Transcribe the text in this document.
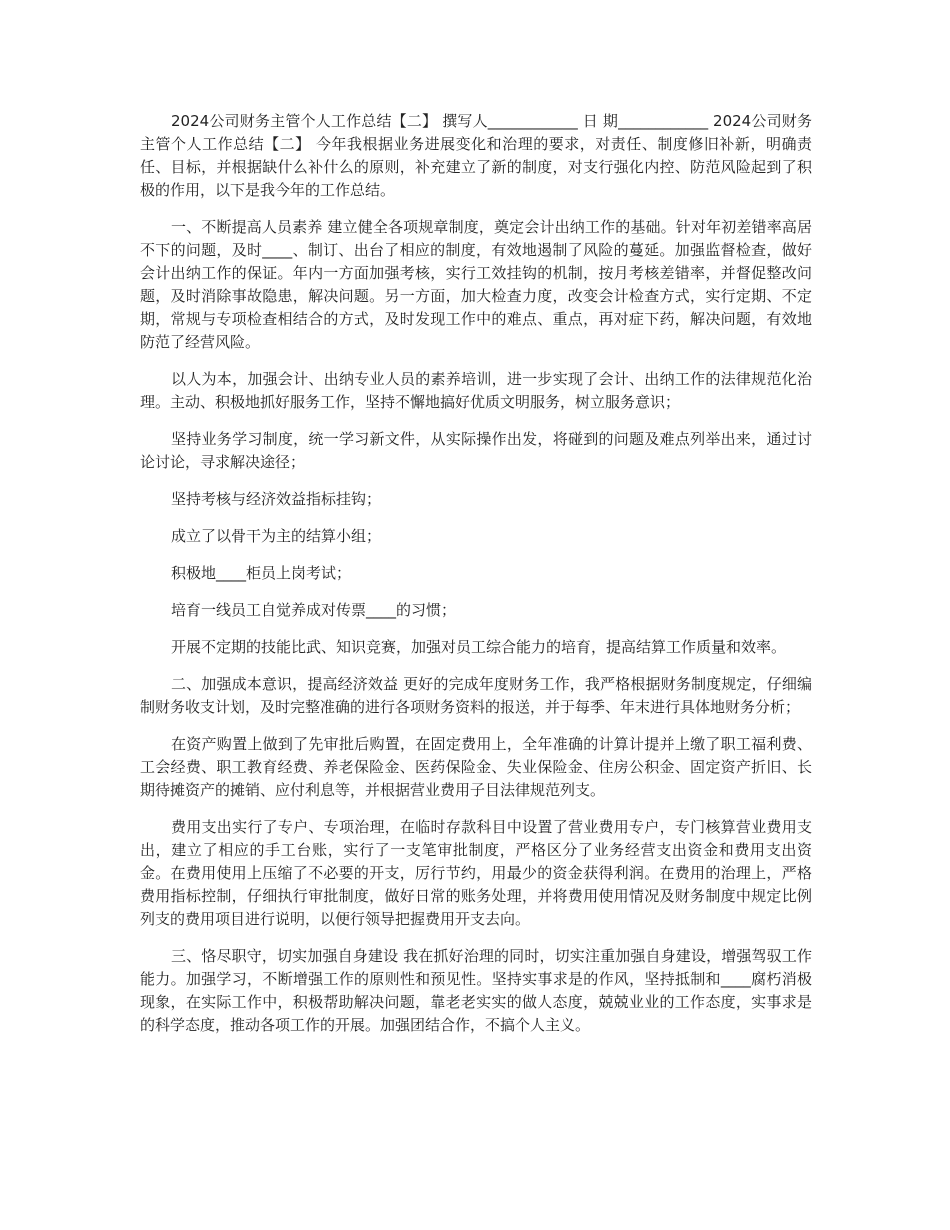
2024公司财务主管个人工作总结【二】 撰写人____________ 日 期____________ 2024公司财务主管个人工作总结【二】 今年我根据业务进展变化和治理的要求，对责任、制度修旧补新，明确责任、目标，并根据缺什么补什么的原则，补充建立了新的制度，对支行强化内控、防范风险起到了积极的作用，以下是我今年的工作总结。

一、不断提高人员素养 建立健全各项规章制度，奠定会计出纳工作的基础。针对年初差错率高居不下的问题，及时____、制订、出台了相应的制度，有效地遏制了风险的蔓延。加强监督检查，做好会计出纳工作的保证。年内一方面加强考核，实行工效挂钩的机制，按月考核差错率，并督促整改问题，及时消除事故隐患，解决问题。另一方面，加大检查力度，改变会计检查方式，实行定期、不定期，常规与专项检查相结合的方式，及时发现工作中的难点、重点，再对症下药，解决问题，有效地防范了经营风险。

以人为本，加强会计、出纳专业人员的素养培训，进一步实现了会计、出纳工作的法律规范化治理。主动、积极地抓好服务工作，坚持不懈地搞好优质文明服务，树立服务意识；

坚持业务学习制度，统一学习新文件，从实际操作出发，将碰到的问题及难点列举出来，通过讨论讨论，寻求解决途径；

坚持考核与经济效益指标挂钩；

成立了以骨干为主的结算小组；

积极地____柜员上岗考试；

培育一线员工自觉养成对传票____的习惯；

开展不定期的技能比武、知识竞赛，加强对员工综合能力的培育，提高结算工作质量和效率。

二、加强成本意识，提高经济效益 更好的完成年度财务工作，我严格根据财务制度规定，仔细编制财务收支计划，及时完整准确的进行各项财务资料的报送，并于每季、年末进行具体地财务分析；

在资产购置上做到了先审批后购置，在固定费用上，全年准确的计算计提并上缴了职工福利费、工会经费、职工教育经费、养老保险金、医药保险金、失业保险金、住房公积金、固定资产折旧、长期待摊资产的摊销、应付利息等，并根据营业费用子目法律规范列支。

费用支出实行了专户、专项治理，在临时存款科目中设置了营业费用专户，专门核算营业费用支出，建立了相应的手工台账，实行了一支笔审批制度，严格区分了业务经营支出资金和费用支出资金。在费用使用上压缩了不必要的开支，厉行节约，用最少的资金获得利润。在费用的治理上，严格费用指标控制，仔细执行审批制度，做好日常的账务处理，并将费用使用情况及财务制度中规定比例列支的费用项目进行说明，以便行领导把握费用开支去向。

三、恪尽职守，切实加强自身建设 我在抓好治理的同时，切实注重加强自身建设，增强驾驭工作能力。加强学习，不断增强工作的原则性和预见性。坚持实事求是的作风，坚持抵制和____腐朽消极现象，在实际工作中，积极帮助解决问题，靠老老实实的做人态度，兢兢业业的工作态度，实事求是的科学态度，推动各项工作的开展。加强团结合作，不搞个人主义。
